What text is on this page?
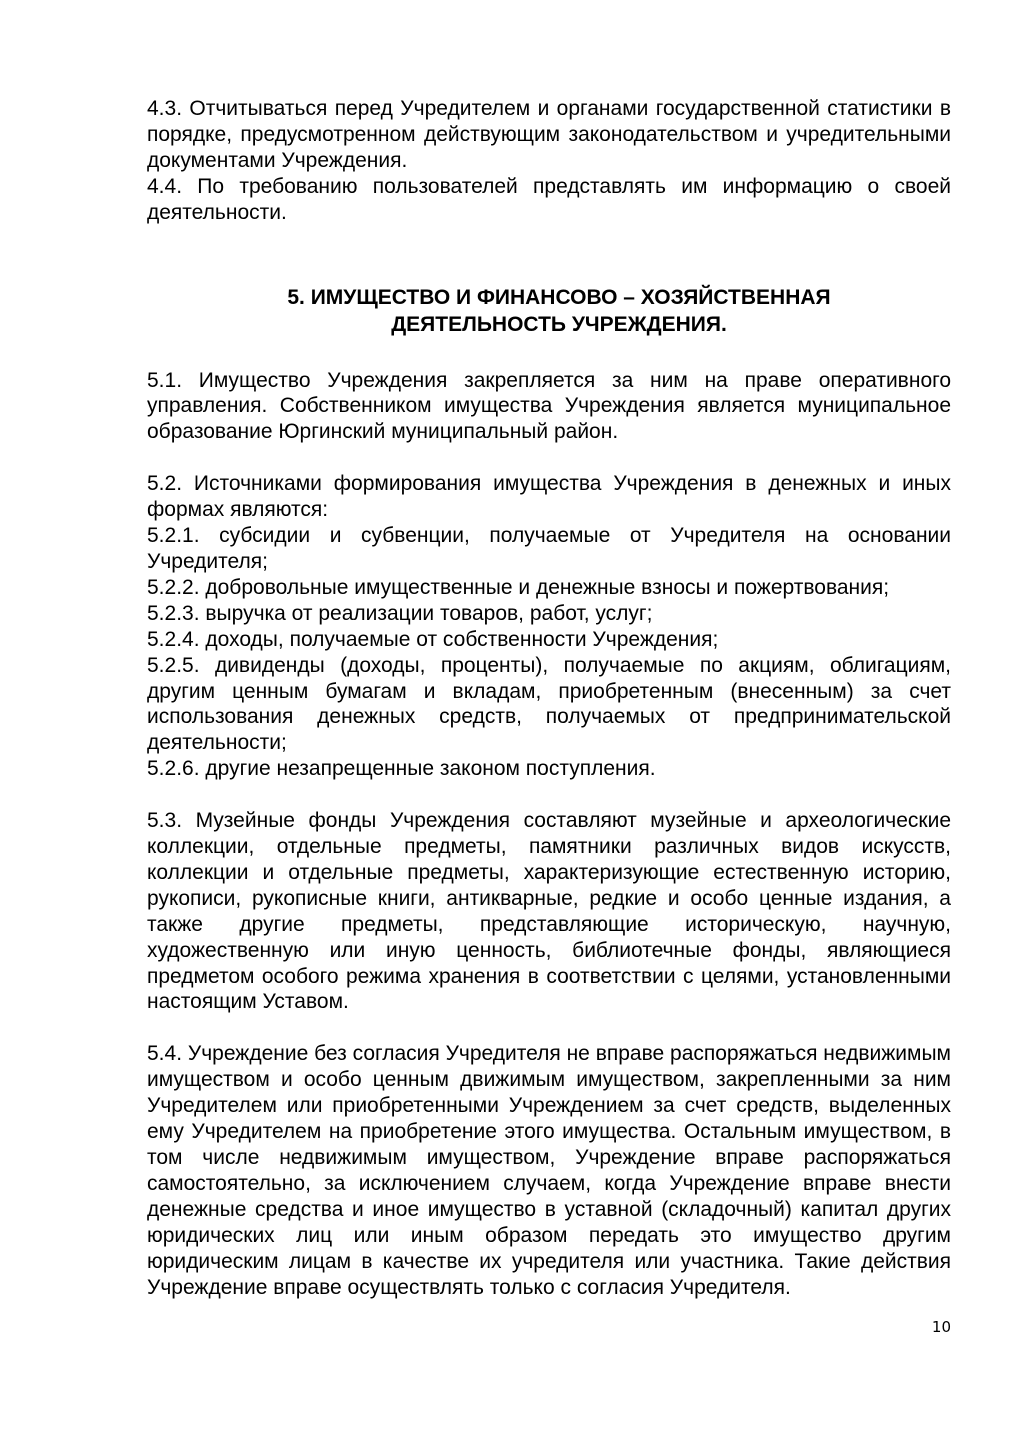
4.3. Отчитываться перед Учредителем и органами государственной статистики в порядке, предусмотренном действующим законодательством и учредительными документами Учреждения.

4.4. По требованию пользователей представлять им информацию о своей деятельности.

5. ИМУЩЕСТВО И ФИНАНСОВО – ХОЗЯЙСТВЕННАЯ

ДЕЯТЕЛЬНОСТЬ УЧРЕЖДЕНИЯ.

5.1. Имущество Учреждения закрепляется за ним на праве оперативного управления. Собственником имущества Учреждения является муниципальное образование Юргинский муниципальный район.

5.2. Источниками формирования имущества Учреждения в денежных и иных формах являются:

5.2.1. субсидии и субвенции, получаемые от Учредителя на основании Учредителя;

5.2.2. добровольные имущественные и денежные взносы и пожертвования;

5.2.3. выручка от реализации товаров, работ, услуг;

5.2.4. доходы, получаемые от собственности Учреждения;

5.2.5. дивиденды (доходы, проценты), получаемые по акциям, облигациям, другим ценным бумагам и вкладам, приобретенным (внесенным) за счет использования денежных средств, получаемых от предпринимательской деятельности;

5.2.6. другие незапрещенные законом поступления.

5.3. Музейные фонды Учреждения составляют музейные и археологические коллекции, отдельные предметы, памятники различных видов искусств, коллекции и отдельные предметы, характеризующие естественную историю, рукописи, рукописные книги, антикварные, редкие и особо ценные издания, а также другие предметы, представляющие историческую, научную, художественную или иную ценность, библиотечные фонды, являющиеся предметом особого режима хранения в соответствии с целями, установленными настоящим Уставом.

5.4. Учреждение без согласия Учредителя не вправе распоряжаться недвижимым имуществом и особо ценным движимым имуществом, закрепленными за ним Учредителем или приобретенными Учреждением за счет средств, выделенных ему Учредителем на приобретение этого имущества. Остальным имуществом, в том числе недвижимым имуществом, Учреждение вправе распоряжаться самостоятельно, за исключением случаем, когда Учреждение вправе внести денежные средства и иное имущество в уставной (складочный) капитал других юридических лиц или иным образом передать это имущество другим юридическим лицам в качестве их учредителя или участника. Такие действия Учреждение вправе осуществлять только с согласия Учредителя.

10
